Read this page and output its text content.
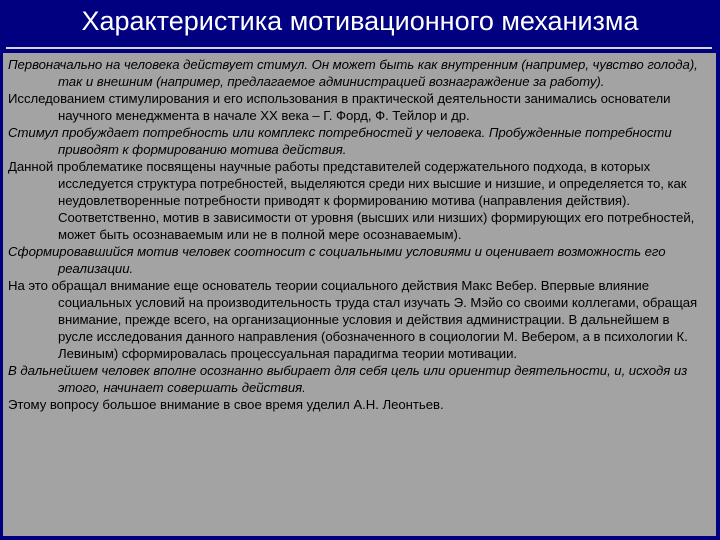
Характеристика мотивационного механизма

Первоначально на человека действует стимул. Он может быть как внутренним (например, чувство голода), так и внешним (например, предлагаемое администрацией вознаграждение за работу).

Исследованием стимулирования и его использования в практической деятельности занимались основатели научного менеджмента в начале XX века – Г. Форд, Ф. Тейлор и др.

Стимул пробуждает потребность или комплекс потребностей у человека. Пробужденные потребности приводят к формированию мотива действия.

Данной проблематике посвящены научные работы представителей содержательного подхода, в которых исследуется структура потребностей, выделяются среди них высшие и низшие, и определяется то, как неудовлетворенные потребности приводят к формированию мотива (направления действия). Соответственно, мотив в зависимости от уровня (высших или низших) формирующих его потребностей, может быть осознаваемым или не в полной мере осознаваемым).

Сформировавшийся мотив человек соотносит с социальными условиями и оценивает возможность его реализации.

На это обращал внимание еще основатель теории социального действия Макс Вебер. Впервые влияние социальных условий на производительность труда стал изучать Э. Мэйо со своими коллегами, обращая внимание, прежде всего, на организационные условия и действия администрации. В дальнейшем в русле исследования данного направления (обозначенного в социологии М. Вебером, а в психологии К. Левиным) сформировалась процессуальная парадигма теории мотивации.

В дальнейшем человек вполне осознанно выбирает для себя цель или ориентир деятельности, и, исходя из этого, начинает совершать действия.

Этому вопросу большое внимание в свое время уделил А.Н. Леонтьев.
